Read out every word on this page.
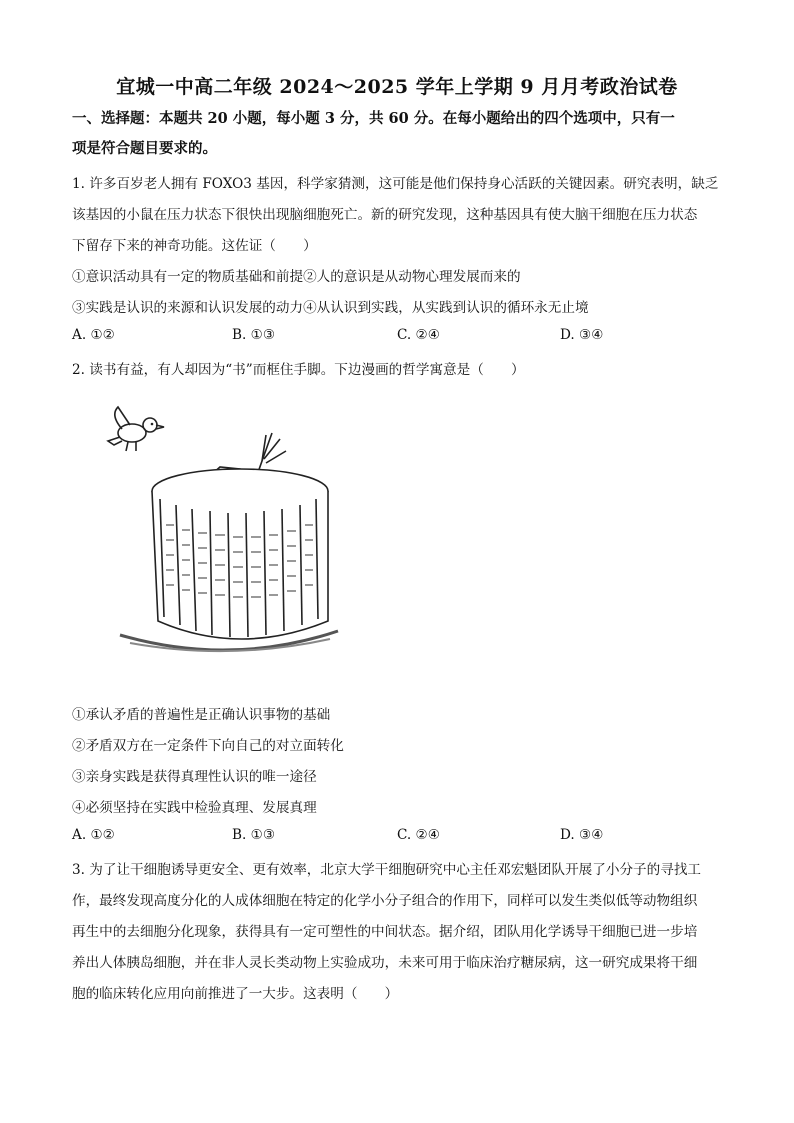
宜城一中高二年级 2024～2025 学年上学期 9 月月考政治试卷
一、选择题：本题共 20 小题，每小题 3 分，共 60 分。在每小题给出的四个选项中，只有一
项是符合题目要求的。
1. 许多百岁老人拥有 FOXO3 基因，科学家猜测，这可能是他们保持身心活跃的关键因素。研究表明，缺乏
该基因的小鼠在压力状态下很快出现脑细胞死亡。新的研究发现，这种基因具有使大脑干细胞在压力状态
下留存下来的神奇功能。这佐证（　　）
①意识活动具有一定的物质基础和前提②人的意识是从动物心理发展而来的
③实践是认识的来源和认识发展的动力④从认识到实践，从实践到认识的循环永无止境
A. ①②	B. ①③	C. ②④	D. ③④
2. 读书有益，有人却因为“书”而框住手脚。下边漫画的哲学寓意是（　　）
①承认矛盾的普遍性是正确认识事物的基础
②矛盾双方在一定条件下向自己的对立面转化
③亲身实践是获得真理性认识的唯一途径
④必须坚持在实践中检验真理、发展真理
A. ①②	B. ①③	C. ②④	D. ③④
3. 为了让干细胞诱导更安全、更有效率，北京大学干细胞研究中心主任邓宏魁团队开展了小分子的寻找工
作，最终发现高度分化的人成体细胞在特定的化学小分子组合的作用下，同样可以发生类似低等动物组织
再生中的去细胞分化现象，获得具有一定可塑性的中间状态。据介绍，团队用化学诱导干细胞已进一步培
养出人体胰岛细胞，并在非人灵长类动物上实验成功，未来可用于临床治疗糖尿病，这一研究成果将干细
胞的临床转化应用向前推进了一大步。这表明（　　）
